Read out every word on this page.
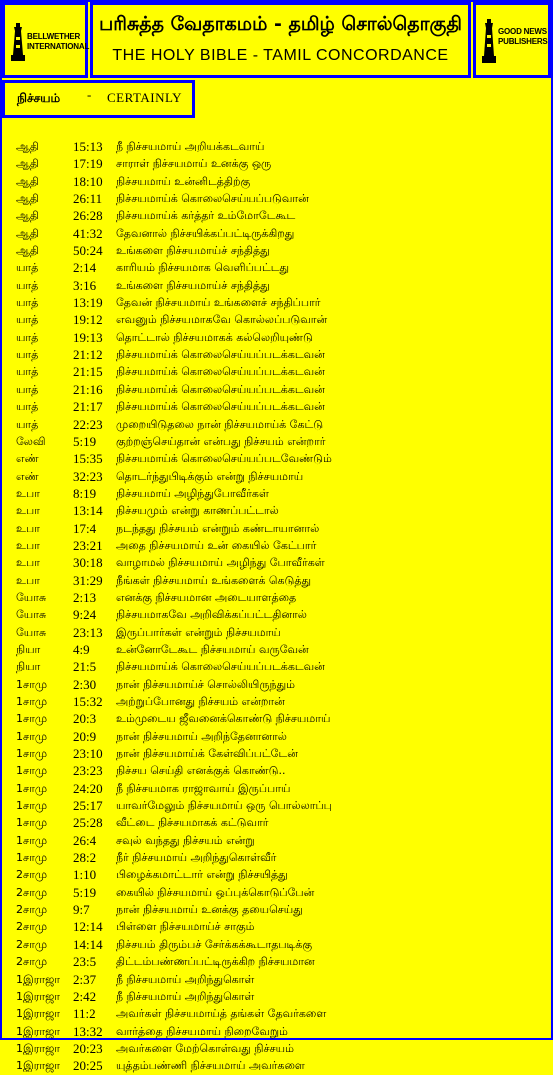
BELLWETHER
INTERNATIONAL
பரிசுத்த வேதாகமம் - தமிழ் சொல்தொகுதி
THE HOLY BIBLE - TAMIL CONCORDANCE
GOOD NEWS
PUBLISHERS
நிச்சயம் - CERTAINLY
ஆதி	15:13 நீ நிச்சயமாய் அறியக்கடவாய்
ஆதி	17:19 சாராள் நிச்சயமாய் உனக்கு ஒரு
ஆதி	18:10 நிச்சயமாய் உன்னிடத்திற்கு
ஆதி	26:11 நிச்சயமாய்க் கொலைசெய்யப்படுவான்
ஆதி	26:28 நிச்சயமாய்க் கர்த்தர் உம்மோடேகூட
ஆதி	41:32 தேவனால் நிச்சயிக்கப்பட்டிருக்கிறது
ஆதி	50:24 உங்களை நிச்சயமாய்ச் சந்தித்து
யாத்	2:14 காரியம் நிச்சயமாக வெளிப்பட்டது
யாத்	3:16 உங்களை நிச்சயமாய்ச் சந்தித்து
யாத்	13:19 தேவன் நிச்சயமாய் உங்களைச் சந்திப்பார்
யாத்	19:12 எவனும் நிச்சயமாகவே கொல்லப்படுவான்
யாத்	19:13 தொட்டால் நிச்சயமாகக் கல்லெறியுண்டு
யாத்	21:12 நிச்சயமாய்க் கொலைசெய்யப்படக்கடவன்
யாத்	21:15 நிச்சயமாய்க் கொலைசெய்யப்படக்கடவன்
யாத்	21:16 நிச்சயமாய்க் கொலைசெய்யப்படக்கடவன்
யாத்	21:17 நிச்சயமாய்க் கொலைசெய்யப்படக்கடவன்
யாத்	22:23 முறையிடுதலை நான் நிச்சயமாய்க் கேட்டு
லேவி 5:19 குற்றஞ்செய்தான் என்பது நிச்சயம் என்றார்
எண்	15:35 நிச்சயமாய்க் கொலைசெய்யப்படவேண்டும்
எண்	32:23 தொடர்ந்துபிடிக்கும் என்று நிச்சயமாய்
உபா	8:19 நிச்சயமாய் அழிந்துபோவீர்கள்
உபா	13:14 நிச்சயமும் என்று காணப்பட்டால்
உபா	17:4 நடந்தது நிச்சயம் என்றும் கண்டாயானால்
உபா	23:21 அதை நிச்சயமாய் உன் கையில் கேட்பார்
உபா	30:18 வாழாமல் நிச்சயமாய் அழிந்து போவீர்கள்
உபா	31:29 நீங்கள் நிச்சயமாய் உங்களைக் கெடுத்து
யோசு 2:13 எனக்கு நிச்சயமான அடையாளத்தை
யோசு 9:24 நிச்சயமாகவே அறிவிக்கப்பட்டதினால்
யோசு 23:13 இருப்பார்கள் என்றும் நிச்சயமாய்
நியா	4:9 உன்னோடேகூட நிச்சயமாய் வருவேன்
நியா	21:5 நிச்சயமாய்க் கொலைசெய்யப்படக்கடவன்
1சாமு 2:30 நான் நிச்சயமாய்ச் சொல்லியிருந்தும்
1சாமு 15:32 அற்றுப்போனது நிச்சயம் என்றான்
1சாமு 20:3 உம்முடைய ஜீவனைக்கொண்டு நிச்சயமாய்
1சாமு 20:9 நான் நிச்சயமாய் அறிந்தேனானால்
1சாமு 23:10 நான் நிச்சயமாய்க் கேள்விப்பட்டேன்
1சாமு 23:23 நிச்சய செய்தி எனக்குக் கொண்டு..
1சாமு 24:20 நீ நிச்சயமாக ராஜாவாய் இருப்பாய்
1சாமு 25:17 யாவர்மேலும் நிச்சயமாய் ஒரு பொல்லாப்பு
1சாமு 25:28 வீட்டை நிச்சயமாகக் கட்டுவார்
1சாமு 26:4 சவுல் வந்தது நிச்சயம் என்று
1சாமு 28:2 நீர் நிச்சயமாய் அறிந்துகொள்வீர்
2சாமு 1:10 பிழைக்கமாட்டார் என்று நிச்சயித்து
2சாமு 5:19 கையில் நிச்சயமாய் ஒப்புக்கொடுப்பேன்
2சாமு 9:7 நான் நிச்சயமாய் உனக்கு தயைசெய்து
2சாமு 12:14 பிள்ளை நிச்சயமாய்ச் சாகும்
2சாமு 14:14 நிச்சயம் திரும்பச் சேர்க்கக்கூடாதபடிக்கு
2சாமு 23:5 திட்டம்பண்ணப்பட்டிருக்கிற நிச்சயமான
1இராஜா 2:37 நீ நிச்சயமாய் அறிந்துகொள்
1இராஜா 2:42 நீ நிச்சயமாய் அறிந்துகொள்
1இராஜா 11:2 அவர்கள் நிச்சயமாய்த் தங்கள் தேவர்களை
1இராஜா 13:32 வார்த்தை நிச்சயமாய் நிறைவேறும்
1இராஜா 20:23 அவர்களை மேற்கொள்வது நிச்சயம்
1இராஜா 20:25 யுத்தம்பண்ணி நிச்சயமாய் அவர்களை
